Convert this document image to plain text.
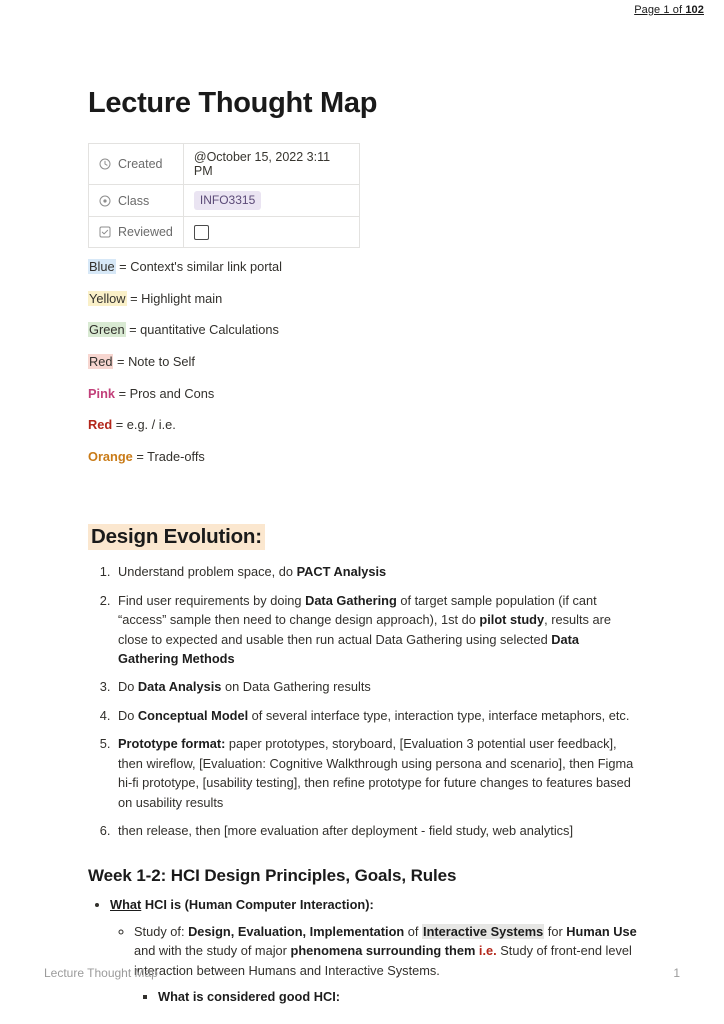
Page 1 of 102
Lecture Thought Map
Created	@October 15, 2022 3:11 PM

Class	INFO3315

Reviewed	

Blue = Context's similar link portal

Yellow = Highlight main

Green = quantitative Calculations

Red = Note to Self

Pink = Pros and Cons

Red = e.g. / i.e.

Orange = Trade-offs

Design Evolution:
1. Understand problem space, do PACT Analysis
2. Find user requirements by doing Data Gathering of target sample population (if cant “access” sample then need to change design approach), 1st do pilot study, results are close to expected and usable then run actual Data Gathering using selected Data Gathering Methods
3. Do Data Analysis on Data Gathering results
4. Do Conceptual Model of several interface type, interaction type, interface metaphors, etc.
5. Prototype format: paper prototypes, storyboard, [Evaluation 3 potential user feedback], then wireflow, [Evaluation: Cognitive Walkthrough using persona and scenario], then Figma hi-fi prototype, [usability testing], then refine prototype for future changes to features based on usability results
6. then release, then [more evaluation after deployment - field study, web analytics]
Week 1-2: HCI Design Principles, Goals, Rules
• What HCI is (Human Computer Interaction):
◦ Study of: Design, Evaluation, Implementation of Interactive Systems for Human Use and with the study of major phenomena surrounding them i.e. Study of front-end level interaction between Humans and Interactive Systems.
▪ What is considered good HCI:
Lecture Thought Map	1
